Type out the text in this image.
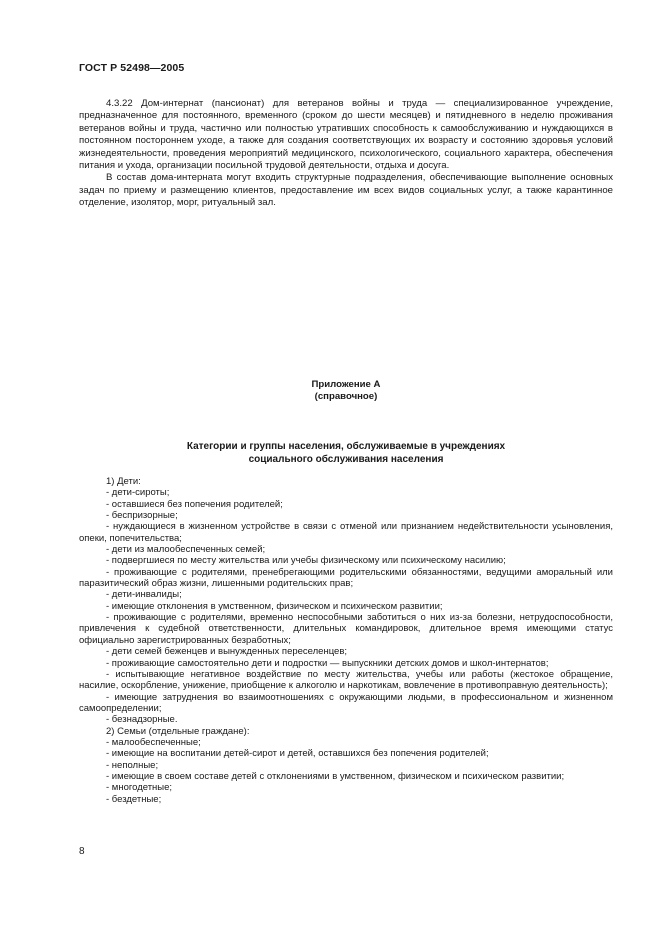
ГОСТ Р 52498—2005

4.3.22 Дом-интернат (пансионат) для ветеранов войны и труда — специализированное учреждение, предназначенное для постоянного, временного (сроком до шести месяцев) и пятидневного в неделю проживания ветеранов войны и труда, частично или полностью утративших способность к самообслуживанию и нуждающихся в постоянном постороннем уходе, а также для создания соответствующих их возрасту и состоянию здоровья условий жизнедеятельности, проведения мероприятий медицинского, психологического, социального характера, обеспечения питания и ухода, организации посильной трудовой деятельности, отдыха и досуга.

В состав дома-интерната могут входить структурные подразделения, обеспечивающие выполнение основных задач по приему и размещению клиентов, предоставление им всех видов социальных услуг, а также карантинное отделение, изолятор, морг, ритуальный зал.

Приложение А
(справочное)
Категории и группы населения, обслуживаемые в учреждениях
социального обслуживания населения
1) Дети:
- дети-сироты;
- оставшиеся без попечения родителей;
- беспризорные;
- нуждающиеся в жизненном устройстве в связи с отменой или признанием недействительности усыновления, опеки, попечительства;
- дети из малообеспеченных семей;
- подвергшиеся по месту жительства или учебы физическому или психическому насилию;
- проживающие с родителями, пренебрегающими родительскими обязанностями, ведущими аморальный или паразитический образ жизни, лишенными родительских прав;
- дети-инвалиды;
- имеющие отклонения в умственном, физическом и психическом развитии;
- проживающие с родителями, временно неспособными заботиться о них из-за болезни, нетрудоспособности, привлечения к судебной ответственности, длительных командировок, длительное время имеющими статус официально зарегистрированных безработных;
- дети семей беженцев и вынужденных переселенцев;
- проживающие самостоятельно дети и подростки — выпускники детских домов и школ-интернатов;
- испытывающие негативное воздействие по месту жительства, учебы или работы (жестокое обращение, насилие, оскорбление, унижение, приобщение к алкоголю и наркотикам, вовлечение в противоправную деятельность);
- имеющие затруднения во взаимоотношениях с окружающими людьми, в профессиональном и жизненном самоопределении;
- безнадзорные.
2) Семьи (отдельные граждане):
- малообеспеченные;
- имеющие на воспитании детей-сирот и детей, оставшихся без попечения родителей;
- неполные;
- имеющие в своем составе детей с отклонениями в умственном, физическом и психическом развитии;
- многодетные;
- бездетные;
8
